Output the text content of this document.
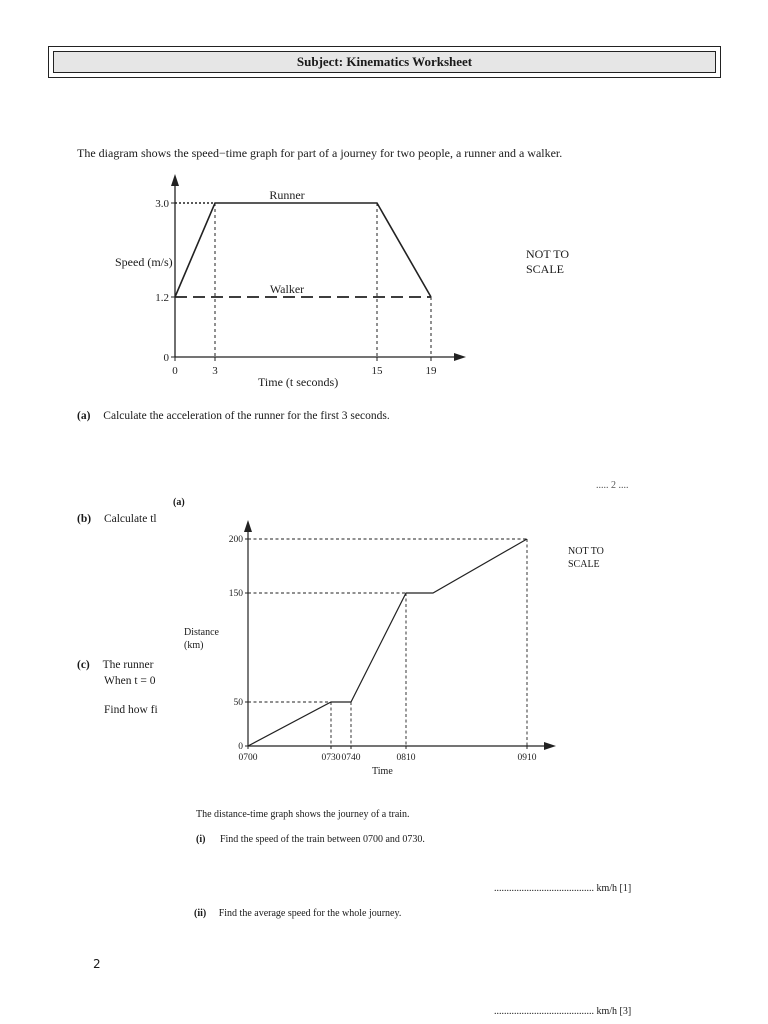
Subject: Kinematics Worksheet
The diagram shows the speed−time graph for part of a journey for two people, a runner and a walker.
0
1.2
3.0
0	3	15	19
Runner
Walker
0
50
150
200
0700	0730 0740	0810	0910
Speed (m/s)
NOT TO SCALE
Time (t seconds)
(a) Calculate the acceleration of the runner for the first 3 seconds.
..... 2 ....
(b) Calculate tl
(c) The runner
When t = 0
Find how fi
(a)
Distance (km)
NOT TO SCALE
Time
The distance-time graph shows the journey of a train.
(i) Find the speed of the train between 0700 and 0730.
........................................ km/h [1]
(ii) Find the average speed for the whole journey.
........................................ km/h [3]
2
